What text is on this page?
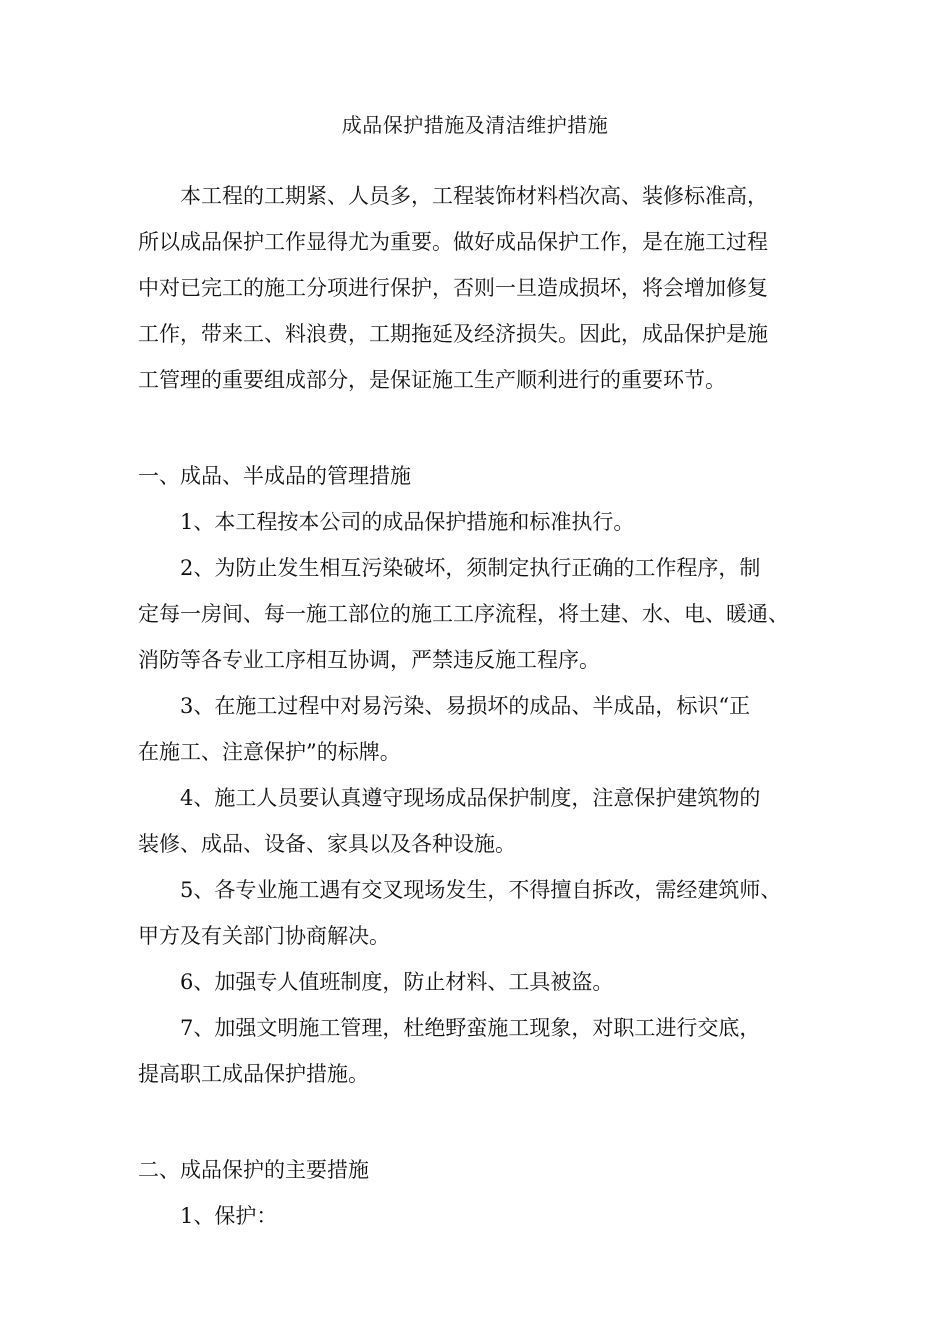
成品保护措施及清洁维护措施
本工程的工期紧、人员多，工程装饰材料档次高、装修标准高，
所以成品保护工作显得尤为重要。做好成品保护工作，是在施工过程
中对已完工的施工分项进行保护，否则一旦造成损坏，将会增加修复
工作，带来工、料浪费，工期拖延及经济损失。因此，成品保护是施
工管理的重要组成部分，是保证施工生产顺利进行的重要环节。
一、成品、半成品的管理措施
1、本工程按本公司的成品保护措施和标准执行。
2、为防止发生相互污染破坏，须制定执行正确的工作程序，制
定每一房间、每一施工部位的施工工序流程，将土建、水、电、暖通、
消防等各专业工序相互协调，严禁违反施工程序。
3、在施工过程中对易污染、易损坏的成品、半成品，标识“正
在施工、注意保护”的标牌。
4、施工人员要认真遵守现场成品保护制度，注意保护建筑物的
装修、成品、设备、家具以及各种设施。
5、各专业施工遇有交叉现场发生，不得擅自拆改，需经建筑师、
甲方及有关部门协商解决。
6、加强专人值班制度，防止材料、工具被盗。
7、加强文明施工管理，杜绝野蛮施工现象，对职工进行交底，
提高职工成品保护措施。
二、成品保护的主要措施
1、保护：
